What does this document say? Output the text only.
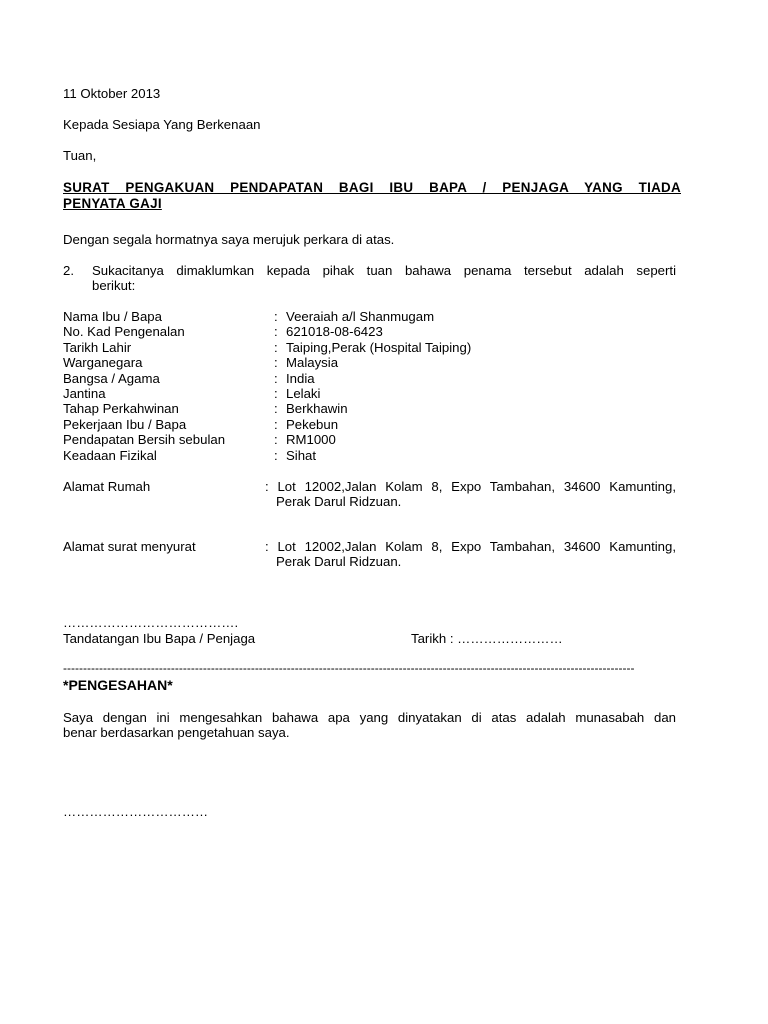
11 Oktober 2013
Kepada Sesiapa Yang Berkenaan
Tuan,
SURAT PENGAKUAN PENDAPATAN BAGI IBU BAPA / PENJAGA YANG TIADA
PENYATA GAJI
Dengan segala hormatnya saya merujuk perkara di atas.
2. Sukacitanya dimaklumkan kepada pihak tuan bahawa penama tersebut adalah seperti
berikut:
Nama Ibu / Bapa	: Veeraiah a/l Shanmugam
No. Kad Pengenalan	: 621018-08-6423
Tarikh Lahir	: Taiping,Perak (Hospital Taiping)
Warganegara	: Malaysia
Bangsa / Agama	: India
Jantina	: Lelaki
Tahap Perkahwinan	: Berkhawin
Pekerjaan Ibu / Bapa	: Pekebun
Pendapatan Bersih sebulan	: RM1000
Keadaan Fizikal	: Sihat
Alamat Rumah	: Lot 12002,Jalan Kolam 8, Expo Tambahan, 34600 Kamunting,
Perak Darul Ridzuan.
Alamat surat menyurat	: Lot 12002,Jalan Kolam 8, Expo Tambahan, 34600 Kamunting,
Perak Darul Ridzuan.
………………………………….
Tandatangan Ibu Bapa / Penjaga	Tarikh : ……………………
-----------------------------------------------------------------------------------------------------------------------------------------------
*PENGESAHAN*
Saya dengan ini mengesahkan bahawa apa yang dinyatakan di atas adalah munasabah dan
benar berdasarkan pengetahuan saya.
……………………………
